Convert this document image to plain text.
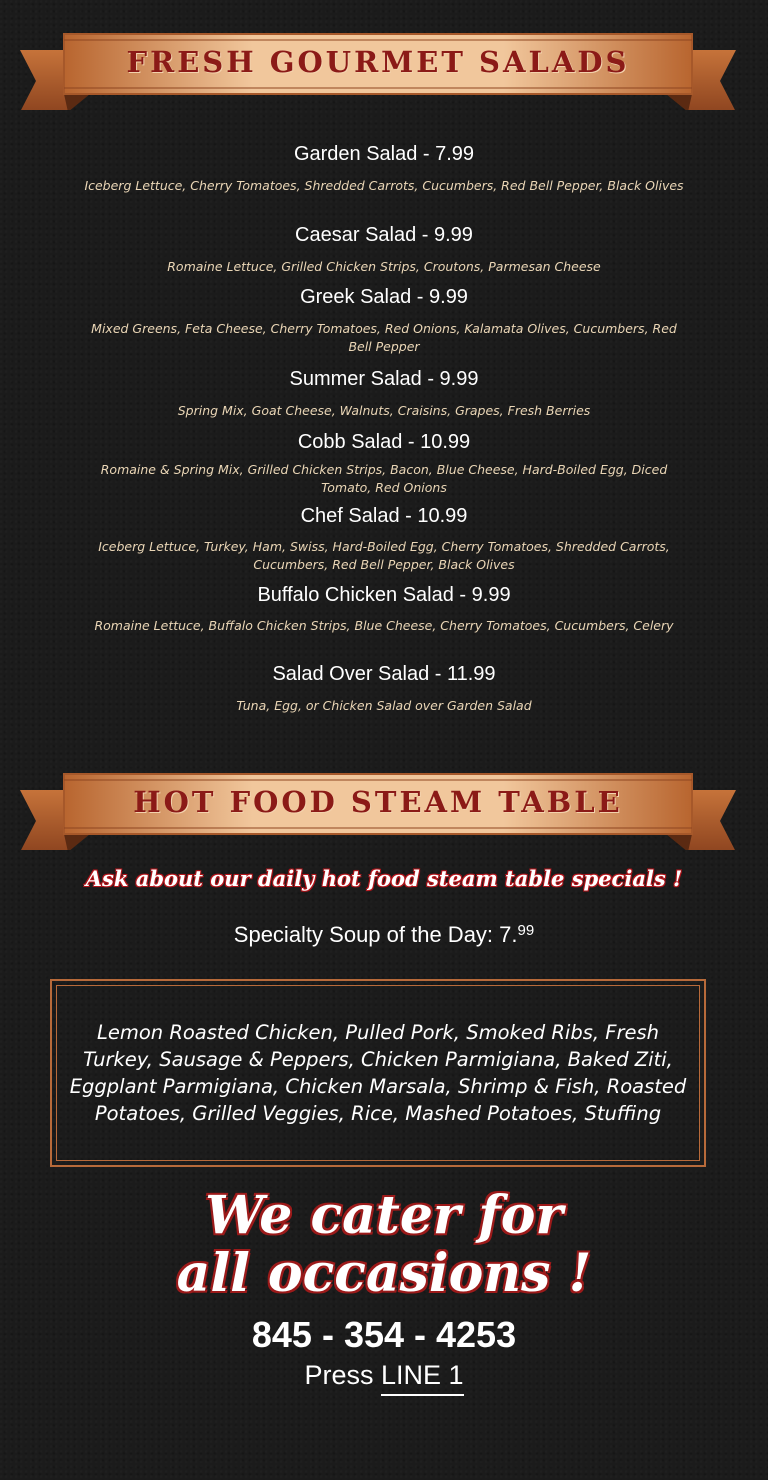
FRESH GOURMET SALADS
Garden Salad - 7.99
Iceberg Lettuce, Cherry Tomatoes, Shredded Carrots, Cucumbers, Red Bell Pepper, Black Olives
Caesar Salad - 9.99
Romaine Lettuce, Grilled Chicken Strips, Croutons, Parmesan Cheese
Greek Salad - 9.99
Mixed Greens, Feta Cheese, Cherry Tomatoes, Red Onions, Kalamata Olives, Cucumbers, Red Bell Pepper
Summer Salad - 9.99
Spring Mix, Goat Cheese, Walnuts, Craisins, Grapes, Fresh Berries
Cobb Salad - 10.99
Romaine & Spring Mix, Grilled Chicken Strips, Bacon, Blue Cheese, Hard-Boiled Egg, Diced Tomato, Red Onions
Chef Salad - 10.99
Iceberg Lettuce, Turkey, Ham, Swiss, Hard-Boiled Egg, Cherry Tomatoes, Shredded Carrots, Cucumbers, Red Bell Pepper, Black Olives
Buffalo Chicken Salad - 9.99
Romaine Lettuce, Buffalo Chicken Strips, Blue Cheese, Cherry Tomatoes, Cucumbers, Celery
Salad Over Salad - 11.99
Tuna, Egg, or Chicken Salad over Garden Salad
HOT FOOD STEAM TABLE
Ask about our daily hot food steam table specials !
Specialty Soup of the Day: 7.99
Lemon Roasted Chicken, Pulled Pork, Smoked Ribs, Fresh Turkey, Sausage & Peppers, Chicken Parmigiana, Baked Ziti, Eggplant Parmigiana, Chicken Marsala, Shrimp & Fish, Roasted Potatoes, Grilled Veggies, Rice, Mashed Potatoes, Stuffing
We cater for
all occasions !
845 - 354 - 4253
Press LINE 1
